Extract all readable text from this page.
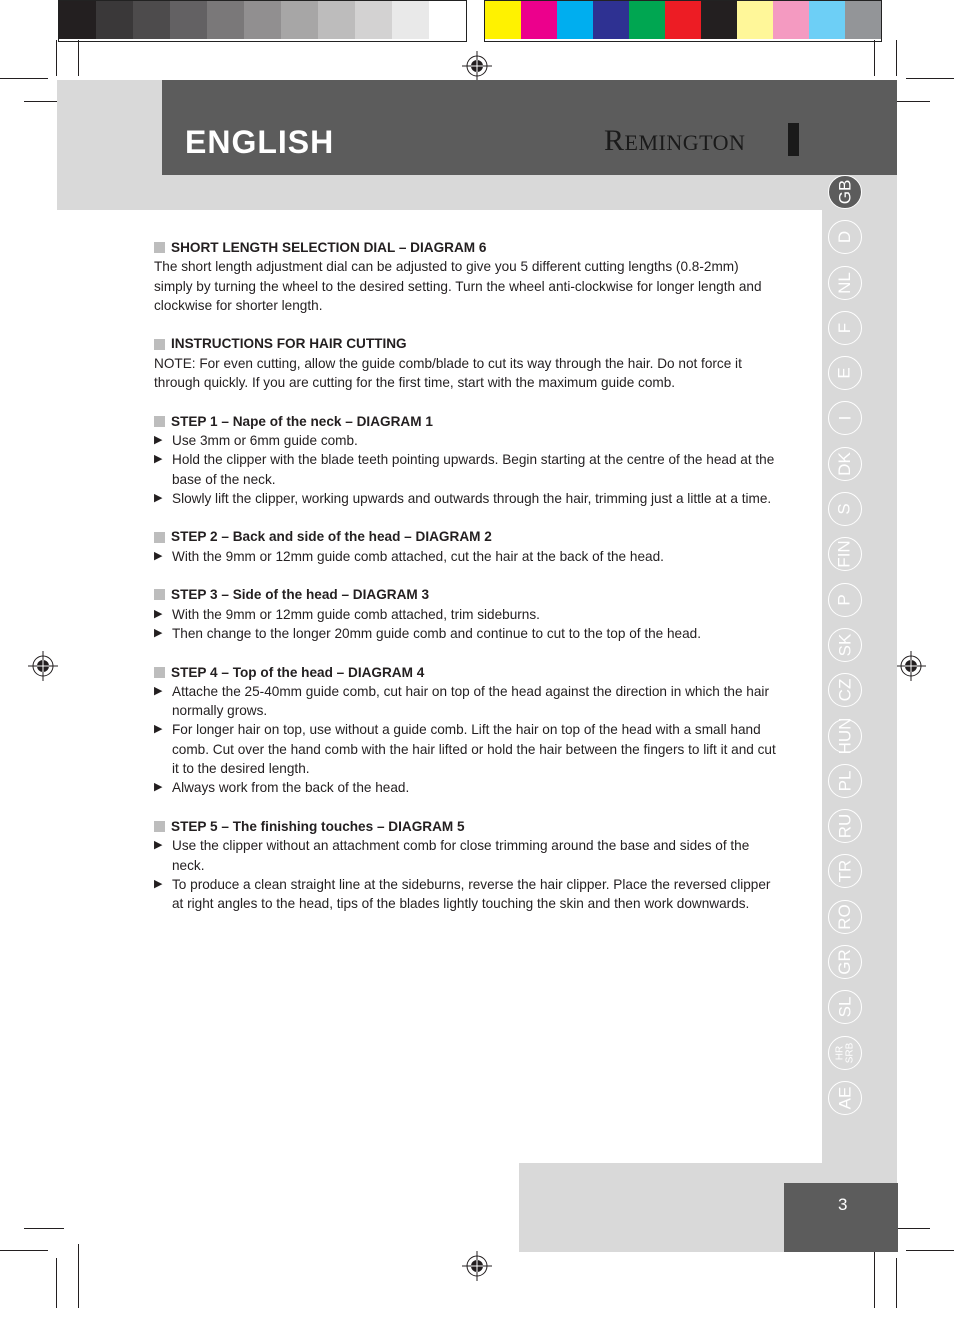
ENGLISH	REMINGTON
GB
D
NL
F
E
I
DK
S
FIN
P
SK
CZ
HUN
PL
RU
TR
RO
GR
SL
HR
SRB
AE
SHORT LENGTH SELECTION DIAL – DIAGRAM 6

The short length adjustment dial can be adjusted to give you 5 different cutting lengths (0.8-2mm) simply by turning the wheel to the desired setting. Turn the wheel anti-clockwise for longer length and clockwise for shorter length.

INSTRUCTIONS FOR HAIR CUTTING

NOTE: For even cutting, allow the guide comb/blade to cut its way through the hair. Do not force it through quickly. If you are cutting for the first time, start with the maximum guide comb.

STEP 1 – Nape of the neck – DIAGRAM 1
▶ Use 3mm or 6mm guide comb.
▶ Hold the clipper with the blade teeth pointing upwards. Begin starting at the centre of the head at the base of the neck.
▶ Slowly lift the clipper, working upwards and outwards through the hair, trimming just a little at a time.
STEP 2 – Back and side of the head – DIAGRAM 2
▶ With the 9mm or 12mm guide comb attached, cut the hair at the back of the head.
STEP 3 – Side of the head – DIAGRAM 3
▶ With the 9mm or 12mm guide comb attached, trim sideburns.
▶ Then change to the longer 20mm guide comb and continue to cut to the top of the head.
STEP 4 – Top of the head – DIAGRAM 4
▶ Attache the 25-40mm guide comb, cut hair on top of the head against the direction in which the hair normally grows.
▶ For longer hair on top, use without a guide comb. Lift the hair on top of the head with a small hand comb. Cut over the hand comb with the hair lifted or hold the hair between the fingers to lift it and cut it to the desired length.
▶ Always work from the back of the head.
STEP 5 – The finishing touches – DIAGRAM 5
▶ Use the clipper without an attachment comb for close trimming around the base and sides of the neck.
▶ To produce a clean straight line at the sideburns, reverse the hair clipper. Place the reversed clipper at right angles to the head, tips of the blades lightly touching the skin and then work downwards.
3
